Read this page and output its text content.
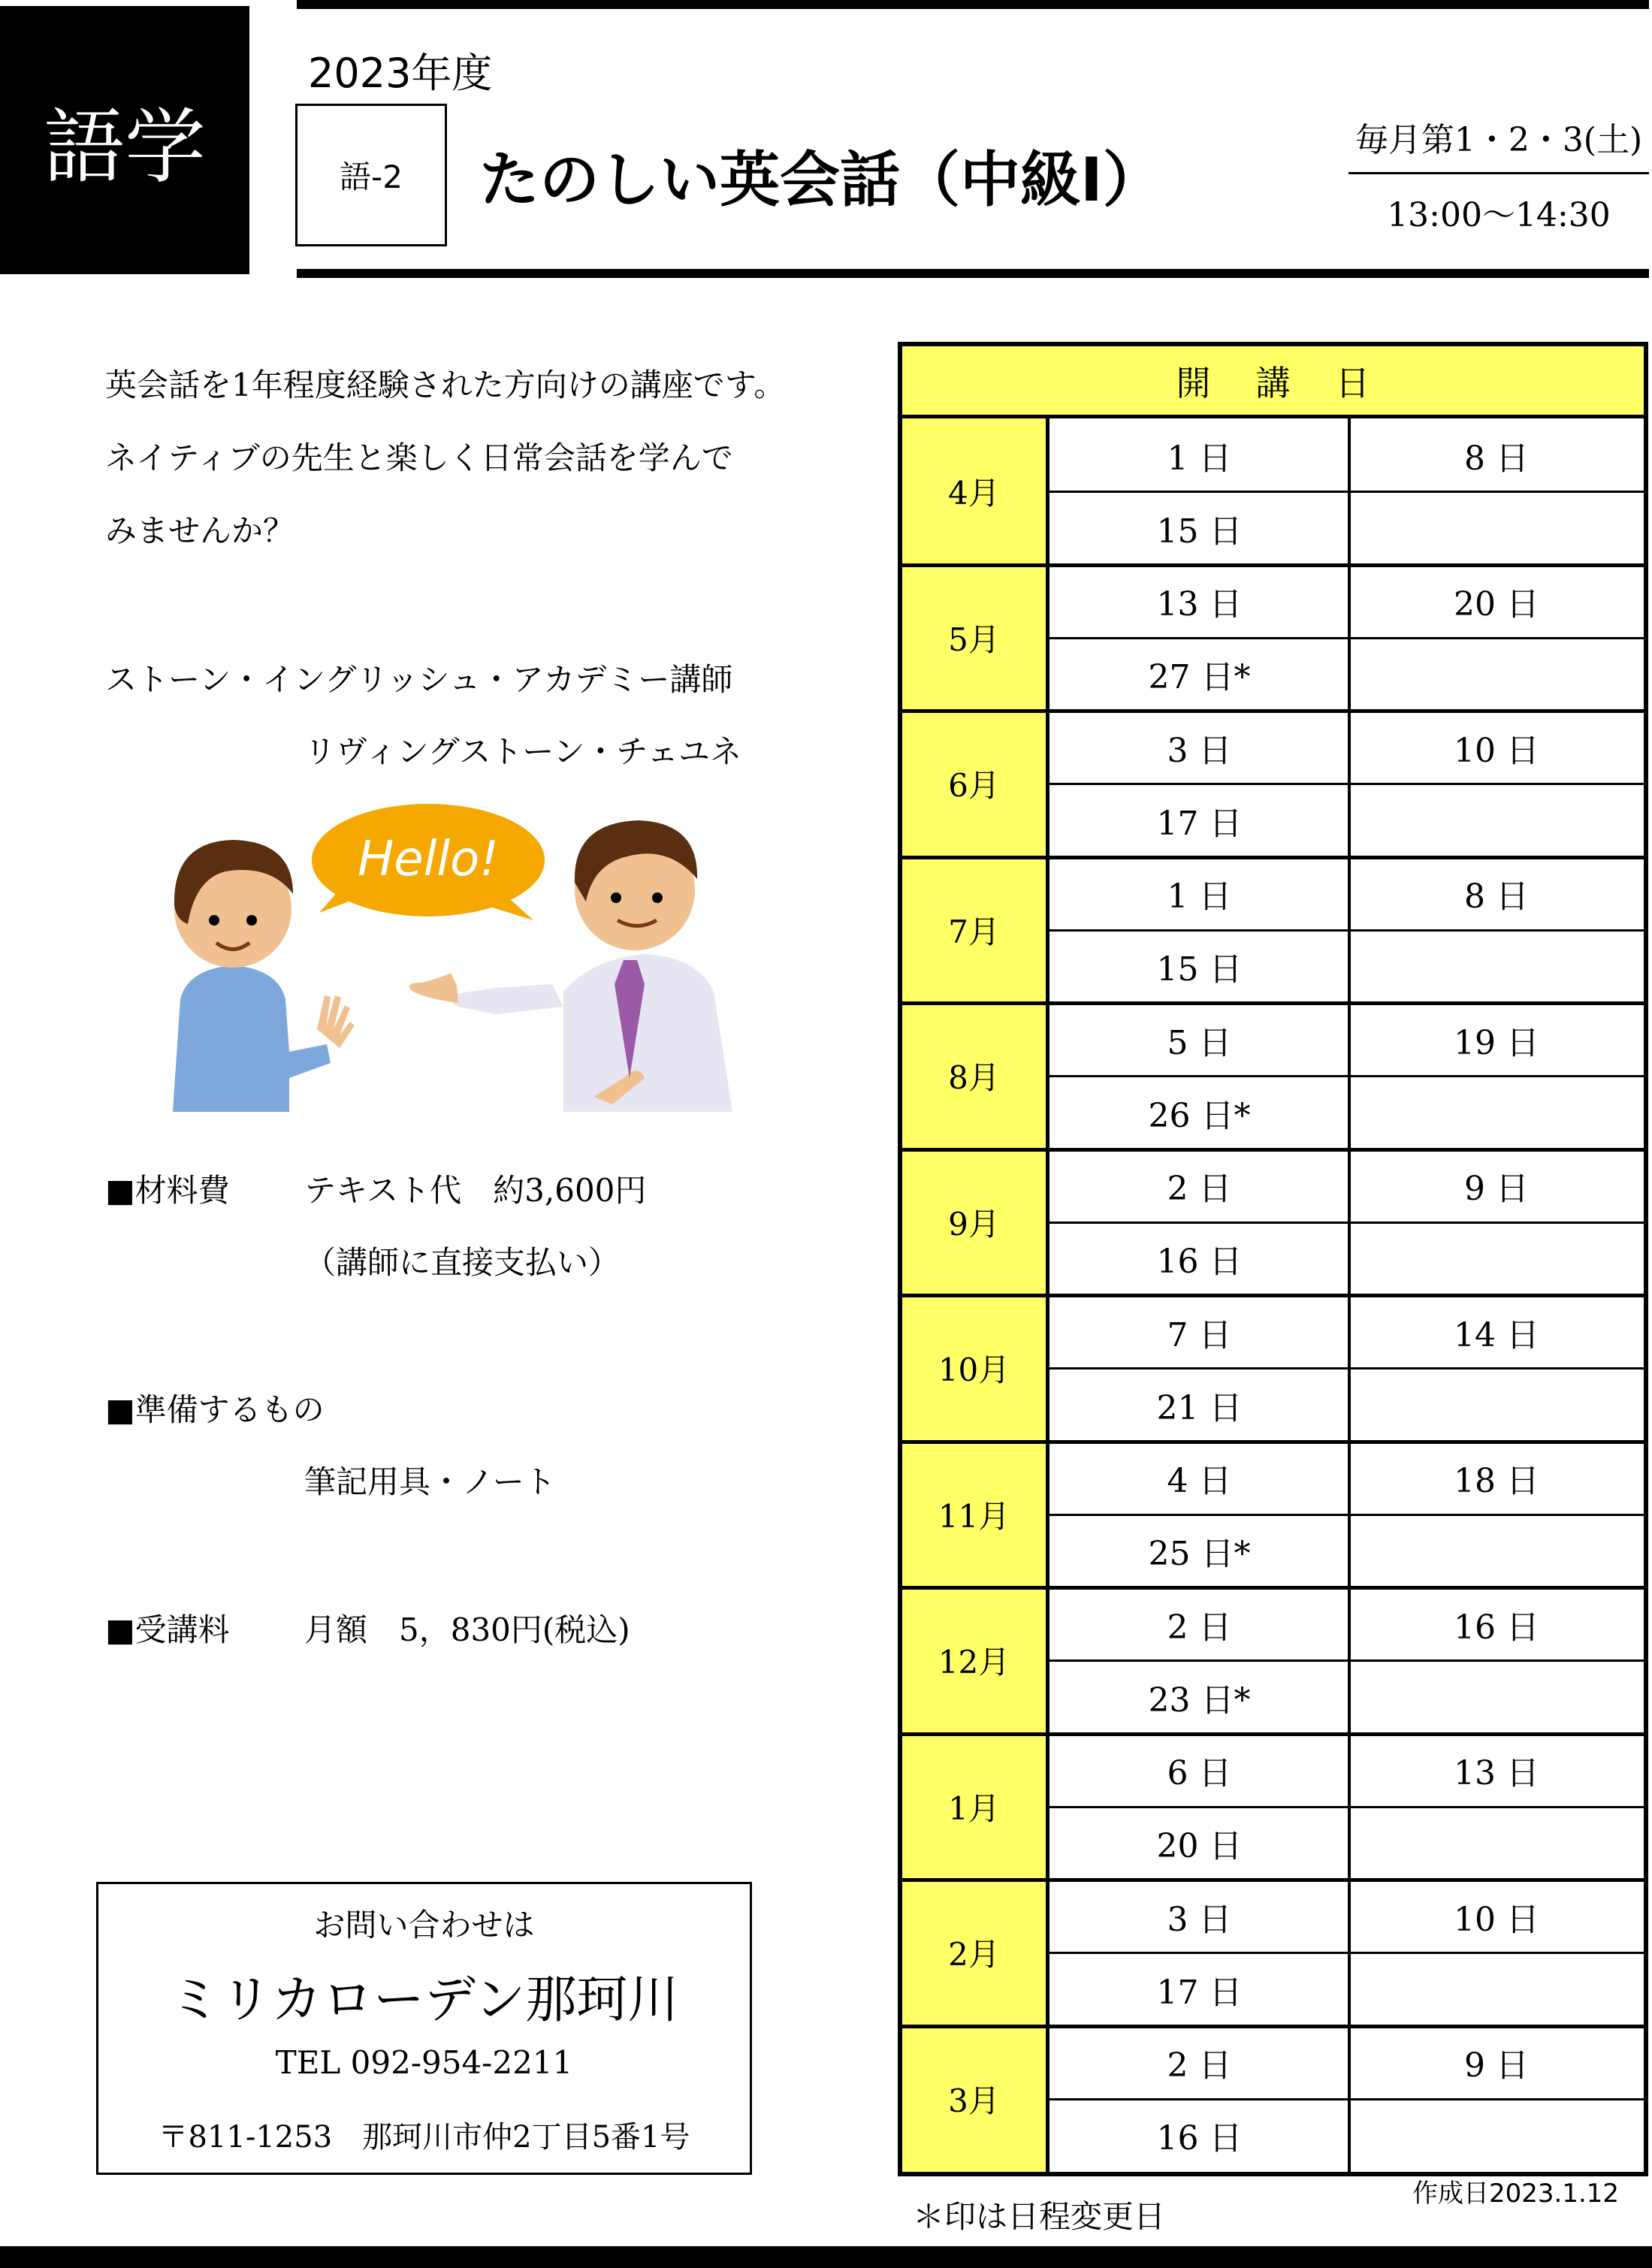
語学
2023年度
語-2	たのしい英会話（中級Ⅰ）
毎月第1・2・3(土)
13:00～14:30
英会話を1年程度経験された方向けの講座です。
ネイティブの先生と楽しく日常会話を学んで
みませんか？
ストーン・イングリッシュ・アカデミー講師
リヴィングストーン・チェユネ
Hello!
■材料費 テキスト代　約3,600円
（講師に直接支払い）
■準備するもの
筆記用具・ノート
■受講料 月額　5，830円(税込)
お問い合わせは
ミリカローデン那珂川
TEL 092-954-2211
〒811-1253　那珂川市仲2丁目5番1号
開講日
4月
1 日	8 日
15 日
5月
13 日	20 日
27 日*
6月
3 日	10 日
17 日
7月
1 日	8 日
15 日
8月
5 日	19 日
26 日*
9月
2 日	9 日
16 日
10月
7 日	14 日
21 日
11月
4 日	18 日
25 日*
12月
2 日	16 日
23 日*
1月
6 日	13 日
20 日
2月
3 日	10 日
17 日
3月
2 日	9 日
16 日
＊印は日程変更日
作成日2023.1.12
